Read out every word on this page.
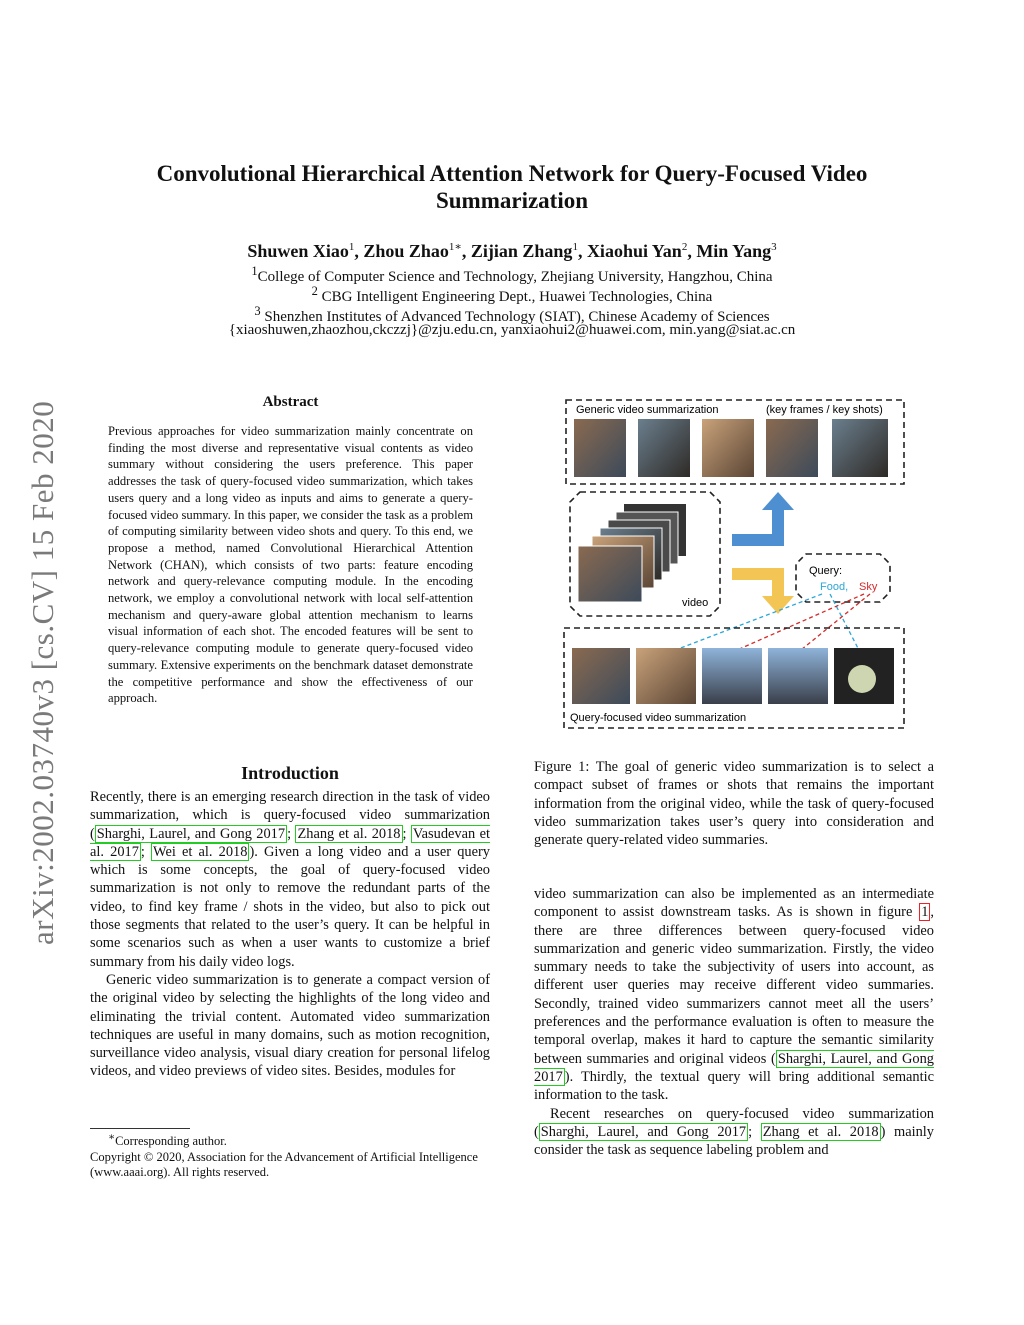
arXiv:2002.03740v3 [cs.CV] 15 Feb 2020
Convolutional Hierarchical Attention Network for Query-Focused Video
Summarization
Shuwen Xiao$^1$, Zhou Zhao$^{1∗}$, Zijian Zhang$^1$, Xiaohui Yan$^2$, Min Yang$^3$
$^1$College of Computer Science and Technology, Zhejiang University, Hangzhou, China
$^2$ CBG Intelligent Engineering Dept., Huawei Technologies, China
$^3$ Shenzhen Institutes of Advanced Technology (SIAT), Chinese Academy of Sciences
{xiaoshuwen,zhaozhou,ckczzj}@zju.edu.cn, yanxiaohui2@huawei.com, min.yang@siat.ac.cn
Abstract
Previous approaches for video summarization mainly concentrate on finding the most diverse and representative visual contents as video summary without considering the users preference. This paper addresses the task of query-focused video summarization, which takes users query and a long video as inputs and aims to generate a query-focused video summary. In this paper, we consider the task as a problem of computing similarity between video shots and query. To this end, we propose a method, named Convolutional Hierarchical Attention Network (CHAN), which consists of two parts: feature encoding network and query-relevance computing module. In the encoding network, we employ a convolutional network with local self-attention mechanism and query-aware global attention mechanism to learns visual information of each shot. The encoded features will be sent to query-relevance computing module to generate query-focused video summary. Extensive experiments on the benchmark dataset demonstrate the competitive performance and show the effectiveness of our approach.
Introduction

Recently, there is an emerging research direction in the task of video summarization, which is query-focused video summarization ( Sharghi, Laurel, and Gong 2017 ; Zhang et al. 2018 ; Vasudevan et al. 2017 ; Wei et al. 2018 ). Given a long video and a user query which is some concepts, the goal of query-focused video summarization is not only to remove the redundant parts of the video, to find key frame / shots in the video, but also to pick out those segments that related to the user’s query. It can be helpful in some scenarios such as when a user wants to customize a brief summary from his daily video logs.

Generic video summarization is to generate a compact version of the original video by selecting the highlights of the long video and eliminating the trivial content. Automated video summarization techniques are useful in many domains, such as motion recognition, surveillance video analysis, visual diary creation for personal lifelog videos, and video previews of video sites. Besides, modules for

∗Corresponding author.
Copyright © 2020, Association for the Advancement of Artificial Intelligence (www.aaai.org). All rights reserved.
Generic video summarization	(key frames / key shots)
video
Query:
Food, Sky
Query-focused video summarization
Figure 1: The goal of generic video summarization is to select a compact subset of frames or shots that remains the important information from the original video, while the task of query-focused video summarization takes user’s query into consideration and generate query-related video summaries.

video summarization can also be implemented as an intermediate component to assist downstream tasks. As is shown in figure 1 , there are three differences between query-focused video summarization and generic video summarization. Firstly, the video summary needs to take the subjectivity of users into account, as different user queries may receive different video summaries. Secondly, trained video summarizers cannot meet all the users’ preferences and the performance evaluation is often to measure the temporal overlap, makes it hard to capture the semantic similarity between summaries and original videos ( Sharghi, Laurel, and Gong 2017 ). Thirdly, the textual query will bring additional semantic information to the task.

Recent researches on query-focused video summarization ( Sharghi, Laurel, and Gong 2017 ; Zhang et al. 2018 ) mainly consider the task as sequence labeling problem and
